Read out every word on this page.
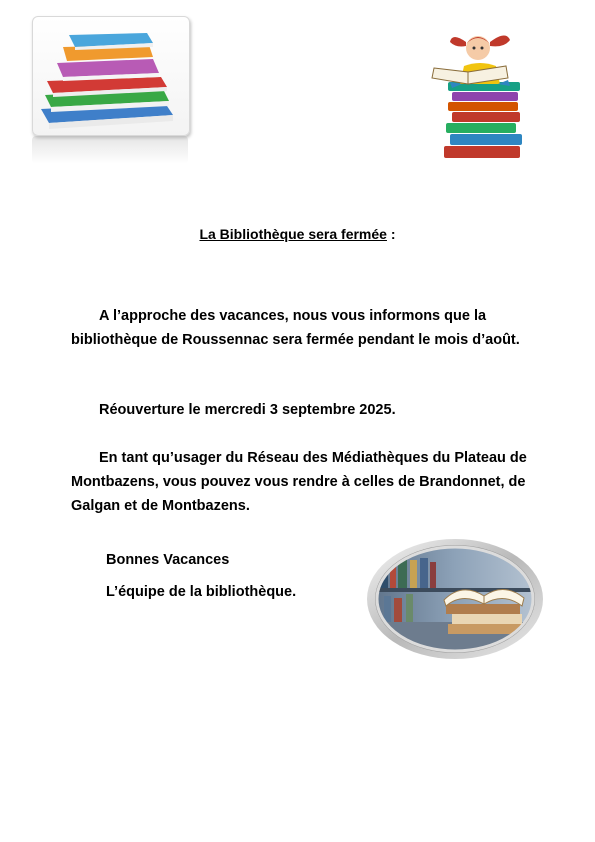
La Bibliothèque sera fermée :

A l’approche des vacances, nous vous informons que la bibliothèque de Roussennac sera fermée pendant le mois d’août.

Réouverture le mercredi 3 septembre 2025.

En tant qu’usager du Réseau des Médiathèques du Plateau de Montbazens, vous pouvez vous rendre à celles de Brandonnet, de Galgan et de Montbazens.

Bonnes Vacances
L’équipe de la bibliothèque.
